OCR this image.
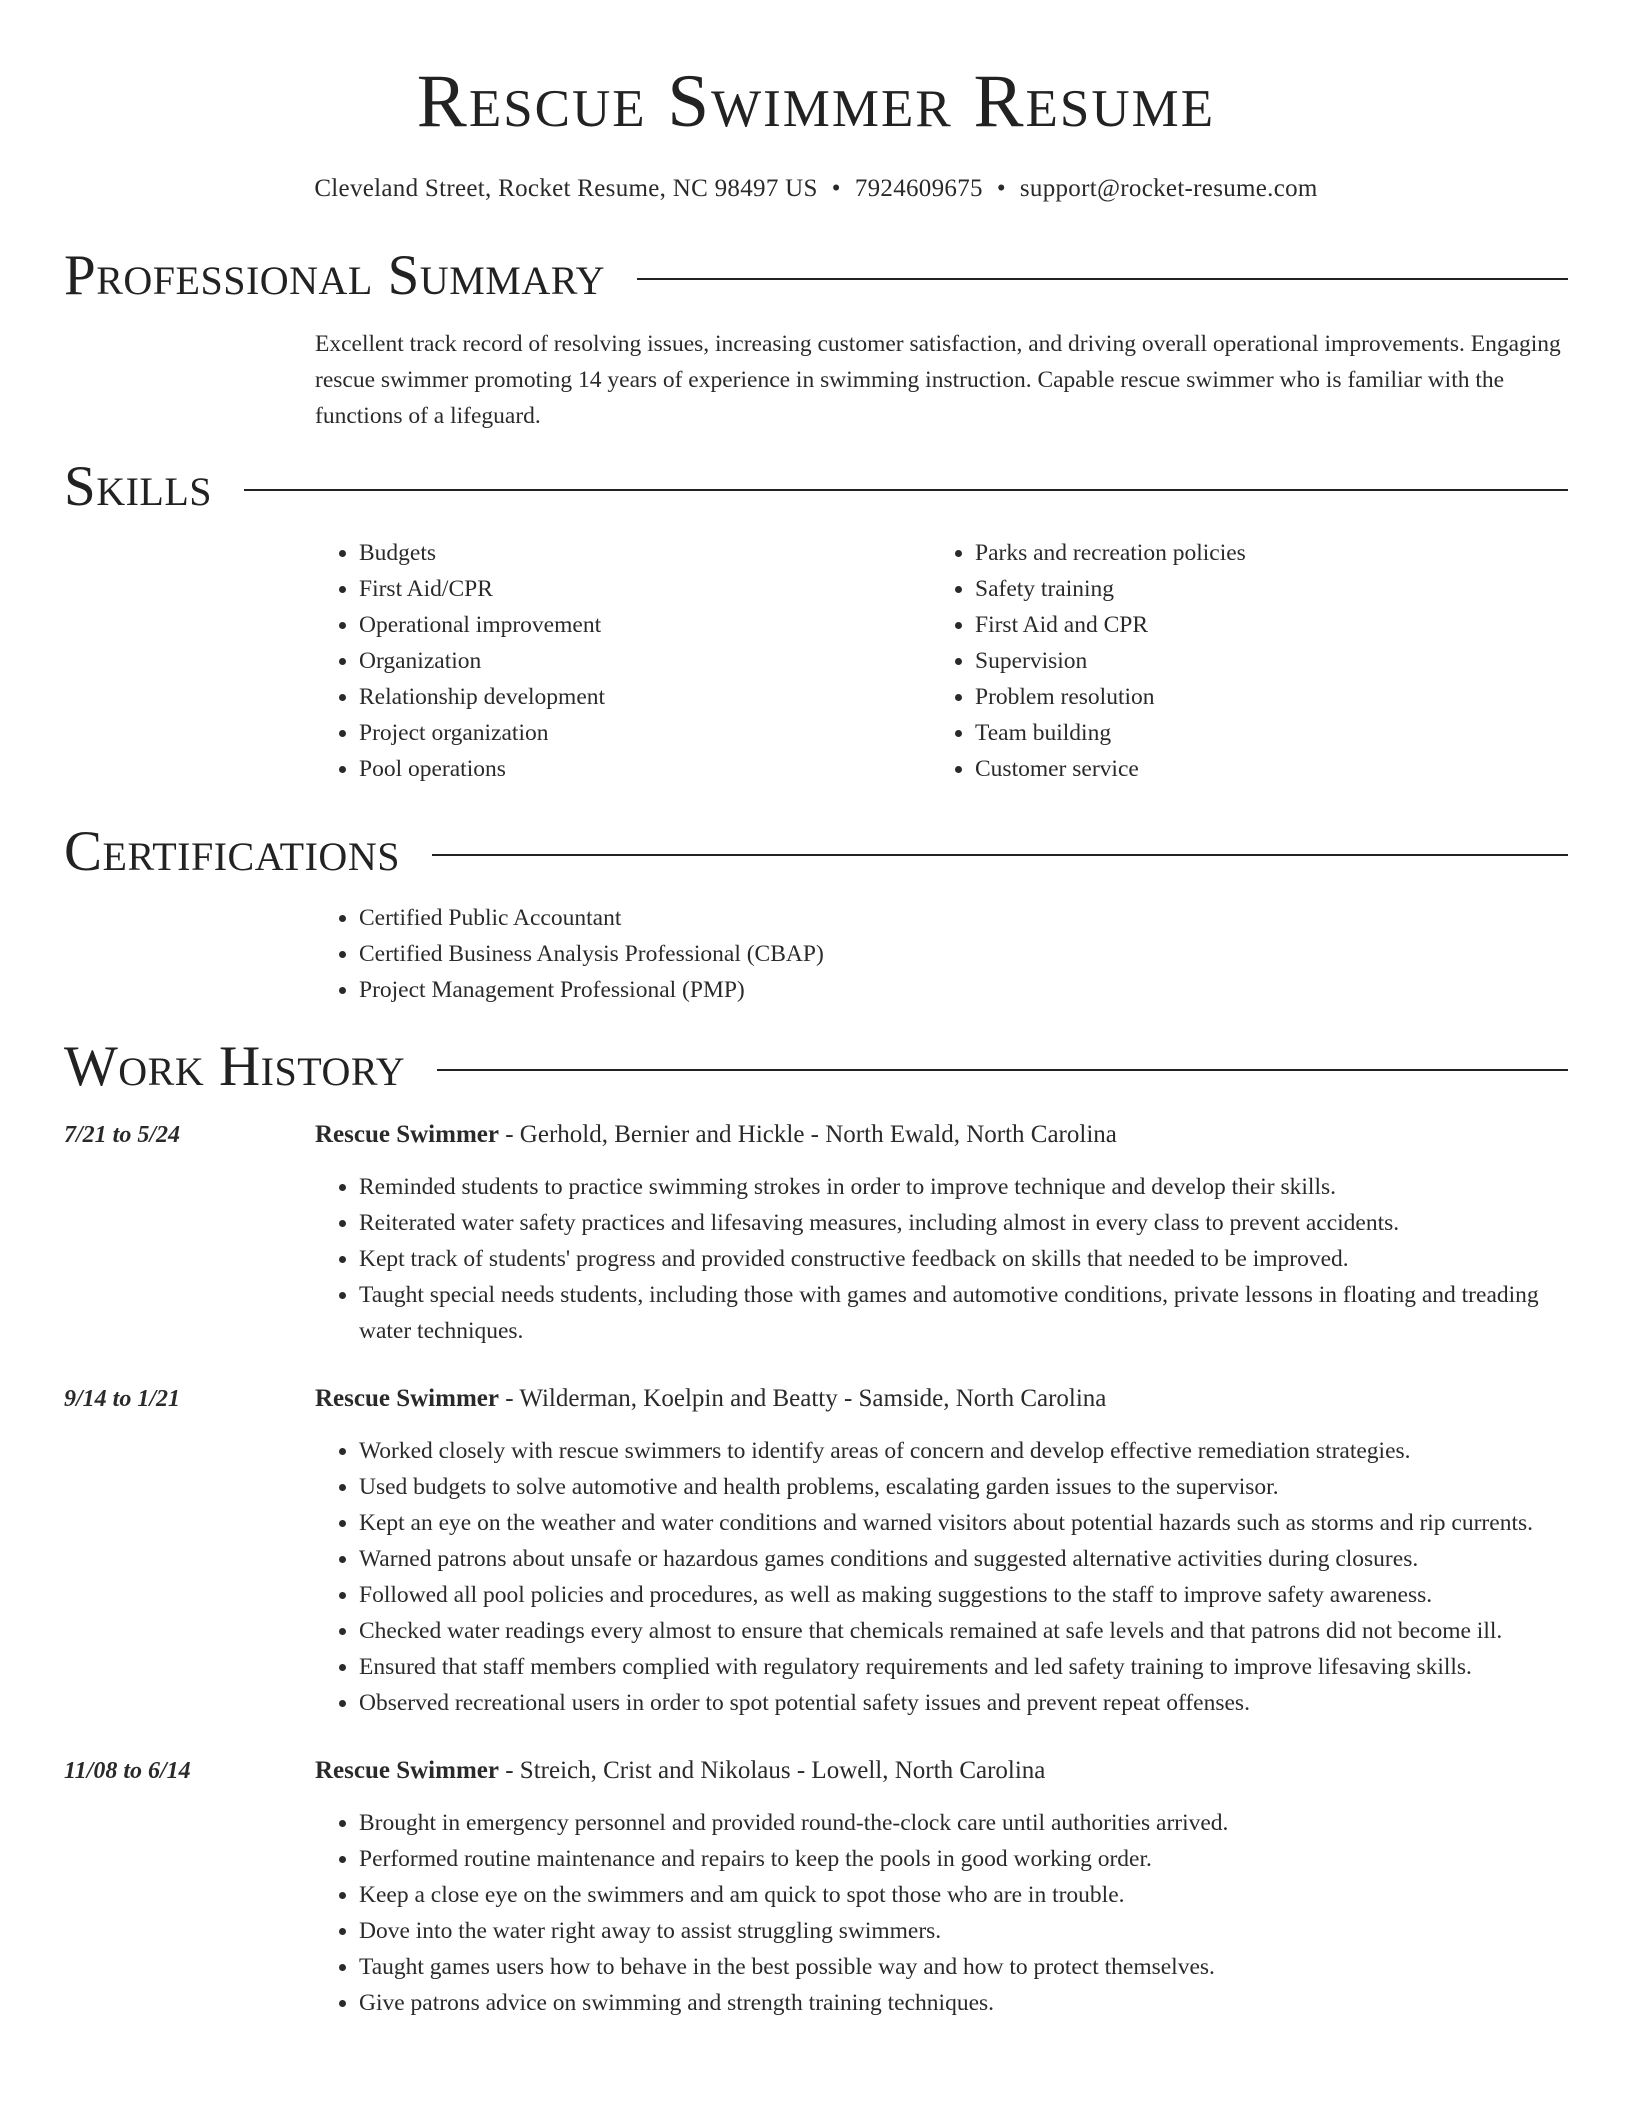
Rescue Swimmer Resume
Cleveland Street, Rocket Resume, NC 98497 US • 7924609675 • support@rocket-resume.com
Professional Summary

Excellent track record of resolving issues, increasing customer satisfaction, and driving overall operational improvements. Engaging rescue swimmer promoting 14 years of experience in swimming instruction. Capable rescue swimmer who is familiar with the functions of a lifeguard.

Skills
• Budgets
• First Aid/CPR
• Operational improvement
• Organization
• Relationship development
• Project organization
• Pool operations
• Parks and recreation policies
• Safety training
• First Aid and CPR
• Supervision
• Problem resolution
• Team building
• Customer service
Certifications
• Certified Public Accountant
• Certified Business Analysis Professional (CBAP)
• Project Management Professional (PMP)
Work History
7/21 to 5/24	Rescue Swimmer - Gerhold, Bernier and Hickle - North Ewald, North Carolina
• Reminded students to practice swimming strokes in order to improve technique and develop their skills.
• Reiterated water safety practices and lifesaving measures, including almost in every class to prevent accidents.
• Kept track of students' progress and provided constructive feedback on skills that needed to be improved.
• Taught special needs students, including those with games and automotive conditions, private lessons in floating and treading water techniques.
9/14 to 1/21	Rescue Swimmer - Wilderman, Koelpin and Beatty - Samside, North Carolina
• Worked closely with rescue swimmers to identify areas of concern and develop effective remediation strategies.
• Used budgets to solve automotive and health problems, escalating garden issues to the supervisor.
• Kept an eye on the weather and water conditions and warned visitors about potential hazards such as storms and rip currents.
• Warned patrons about unsafe or hazardous games conditions and suggested alternative activities during closures.
• Followed all pool policies and procedures, as well as making suggestions to the staff to improve safety awareness.
• Checked water readings every almost to ensure that chemicals remained at safe levels and that patrons did not become ill.
• Ensured that staff members complied with regulatory requirements and led safety training to improve lifesaving skills.
• Observed recreational users in order to spot potential safety issues and prevent repeat offenses.
11/08 to 6/14	Rescue Swimmer - Streich, Crist and Nikolaus - Lowell, North Carolina
• Brought in emergency personnel and provided round-the-clock care until authorities arrived.
• Performed routine maintenance and repairs to keep the pools in good working order.
• Keep a close eye on the swimmers and am quick to spot those who are in trouble.
• Dove into the water right away to assist struggling swimmers.
• Taught games users how to behave in the best possible way and how to protect themselves.
• Give patrons advice on swimming and strength training techniques.
